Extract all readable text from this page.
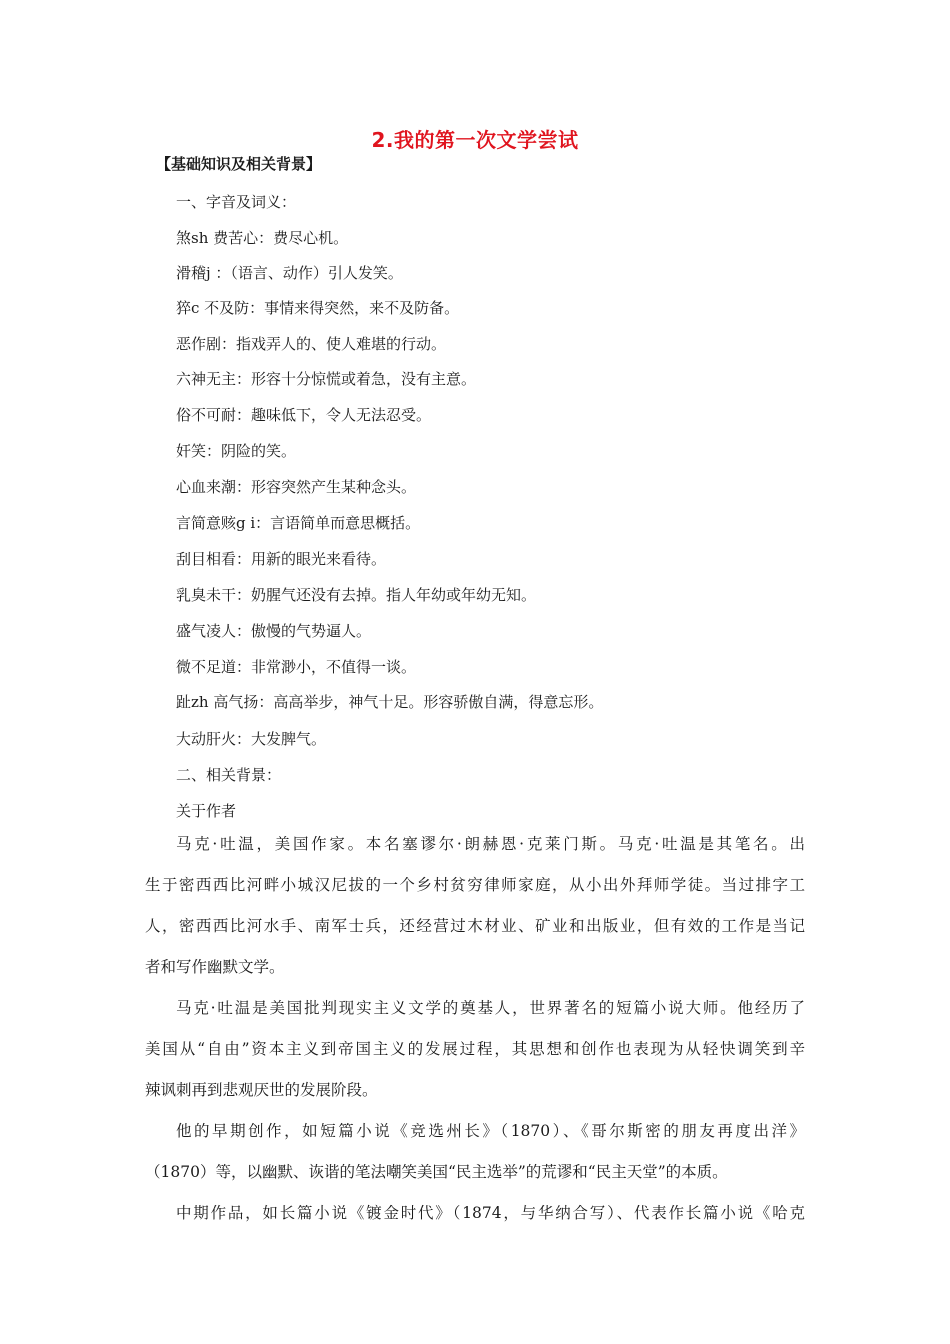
2.我的第一次文学尝试
【基础知识及相关背景】
一、字音及词义：
煞sh 费苦心：费尽心机。
滑稽j ：（语言、动作）引人发笑。
猝c 不及防：事情来得突然，来不及防备。
恶作剧：指戏弄人的、使人难堪的行动。
六神无主：形容十分惊慌或着急，没有主意。
俗不可耐：趣味低下，令人无法忍受。
奸笑：阴险的笑。
心血来潮：形容突然产生某种念头。
言简意赅g i：言语简单而意思概括。
刮目相看：用新的眼光来看待。
乳臭未干：奶腥气还没有去掉。指人年幼或年幼无知。
盛气凌人：傲慢的气势逼人。
微不足道：非常渺小，不值得一谈。
趾zh 高气扬：高高举步，神气十足。形容骄傲自满，得意忘形。
大动肝火：大发脾气。
二、相关背景：
关于作者
马克·吐温，美国作家。本名塞谬尔·朗赫恩·克莱门斯。马克·吐温是其笔名。出
生于密西西比河畔小城汉尼拔的一个乡村贫穷律师家庭，从小出外拜师学徒。当过排字工
人，密西西比河水手、南军士兵，还经营过木材业、矿业和出版业，但有效的工作是当记
者和写作幽默文学。
马克·吐温是美国批判现实主义文学的奠基人，世界著名的短篇小说大师。他经历了
美国从“自由”资本主义到帝国主义的发展过程，其思想和创作也表现为从轻快调笑到辛
辣讽刺再到悲观厌世的发展阶段。
他的早期创作，如短篇小说《竞选州长》（1870）、《哥尔斯密的朋友再度出洋》
（1870）等，以幽默、诙谐的笔法嘲笑美国“民主选举”的荒谬和“民主天堂”的本质。
中期作品，如长篇小说《镀金时代》（1874，与华纳合写）、代表作长篇小说《哈克
